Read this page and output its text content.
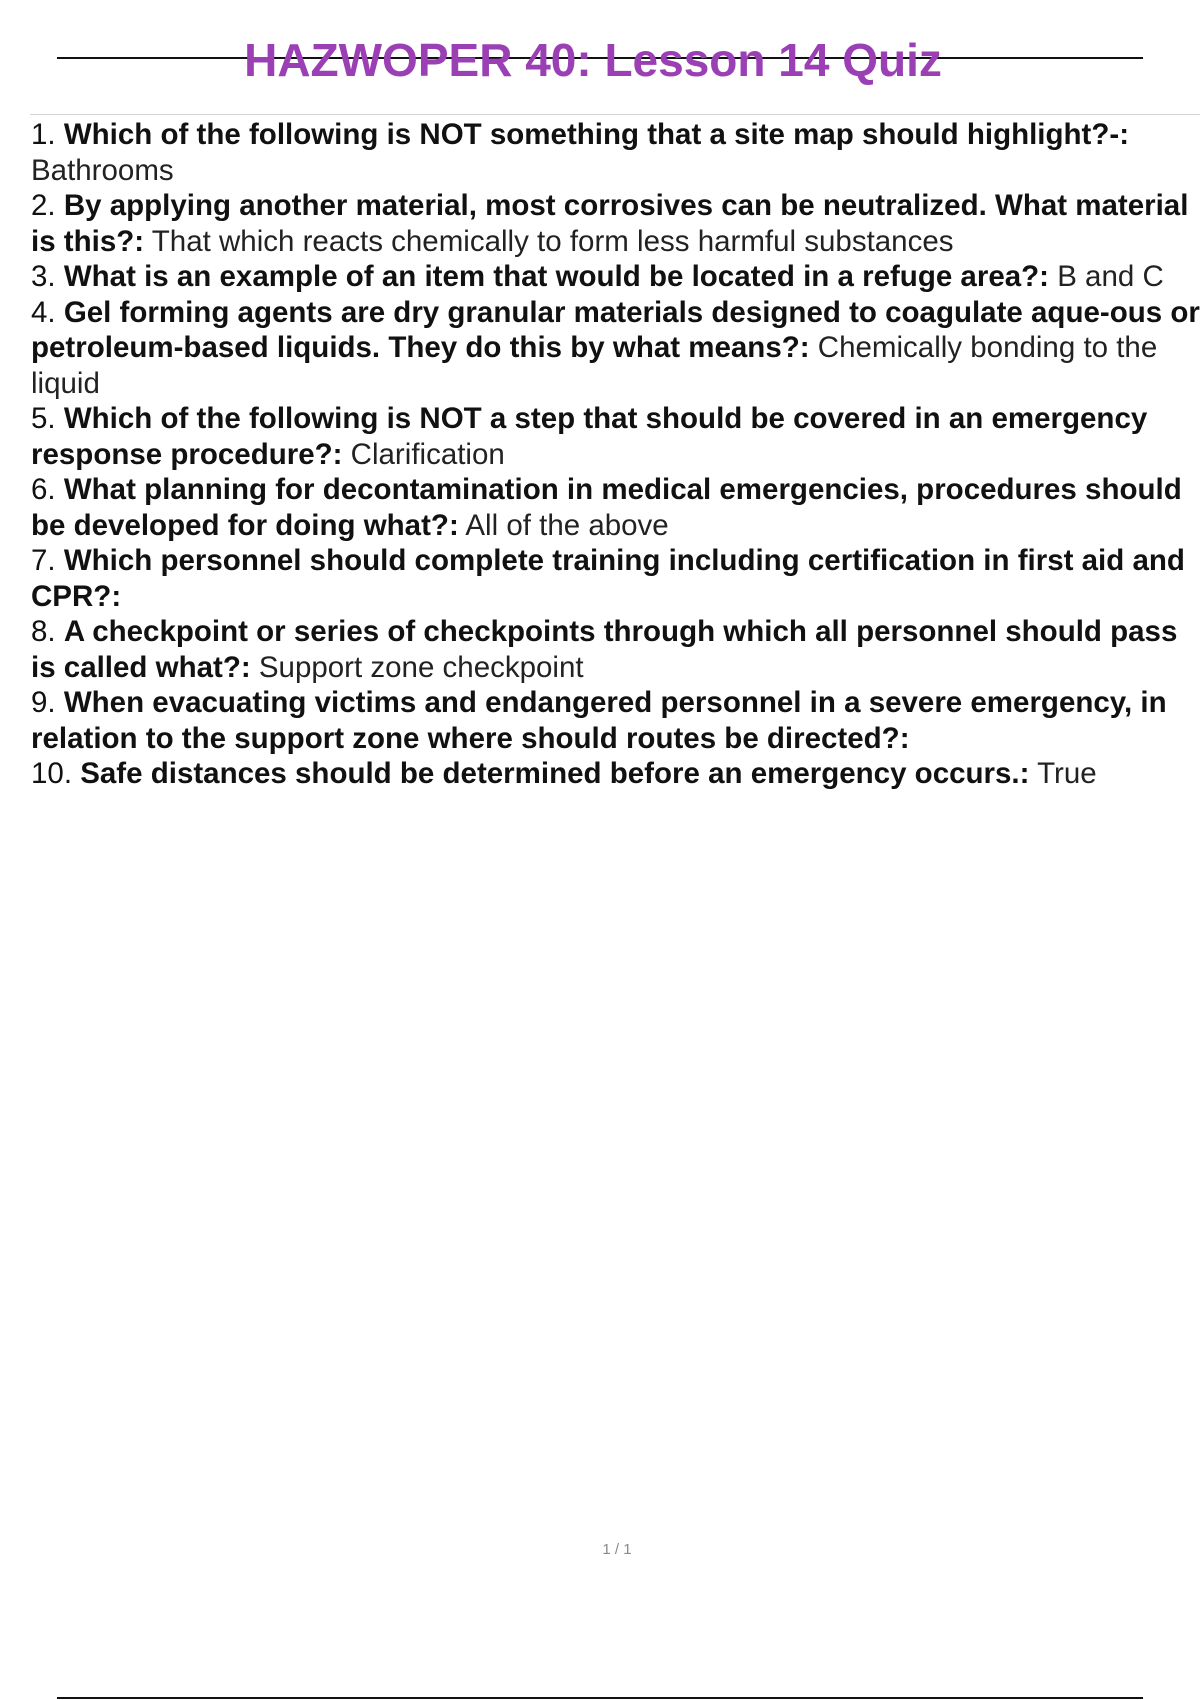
HAZWOPER 40: Lesson 14 Quiz
1. Which of the following is NOT something that a site map should highlight?-: Bathrooms
2. By applying another material, most corrosives can be neutralized. What material is this?: That which reacts chemically to form less harmful substances
3. What is an example of an item that would be located in a refuge area?: B and C
4. Gel forming agents are dry granular materials designed to coagulate aque-ous or petroleum-based liquids. They do this by what means?: Chemically bonding to the liquid
5. Which of the following is NOT a step that should be covered in an emergency response procedure?: Clarification
6. What planning for decontamination in medical emergencies, procedures should be developed for doing what?: All of the above
7. Which personnel should complete training including certification in first aid and CPR?:
8. A checkpoint or series of checkpoints through which all personnel should pass is called what?: Support zone checkpoint
9. When evacuating victims and endangered personnel in a severe emergency, in relation to the support zone where should routes be directed?:
10. Safe distances should be determined before an emergency occurs.: True
1 / 1
